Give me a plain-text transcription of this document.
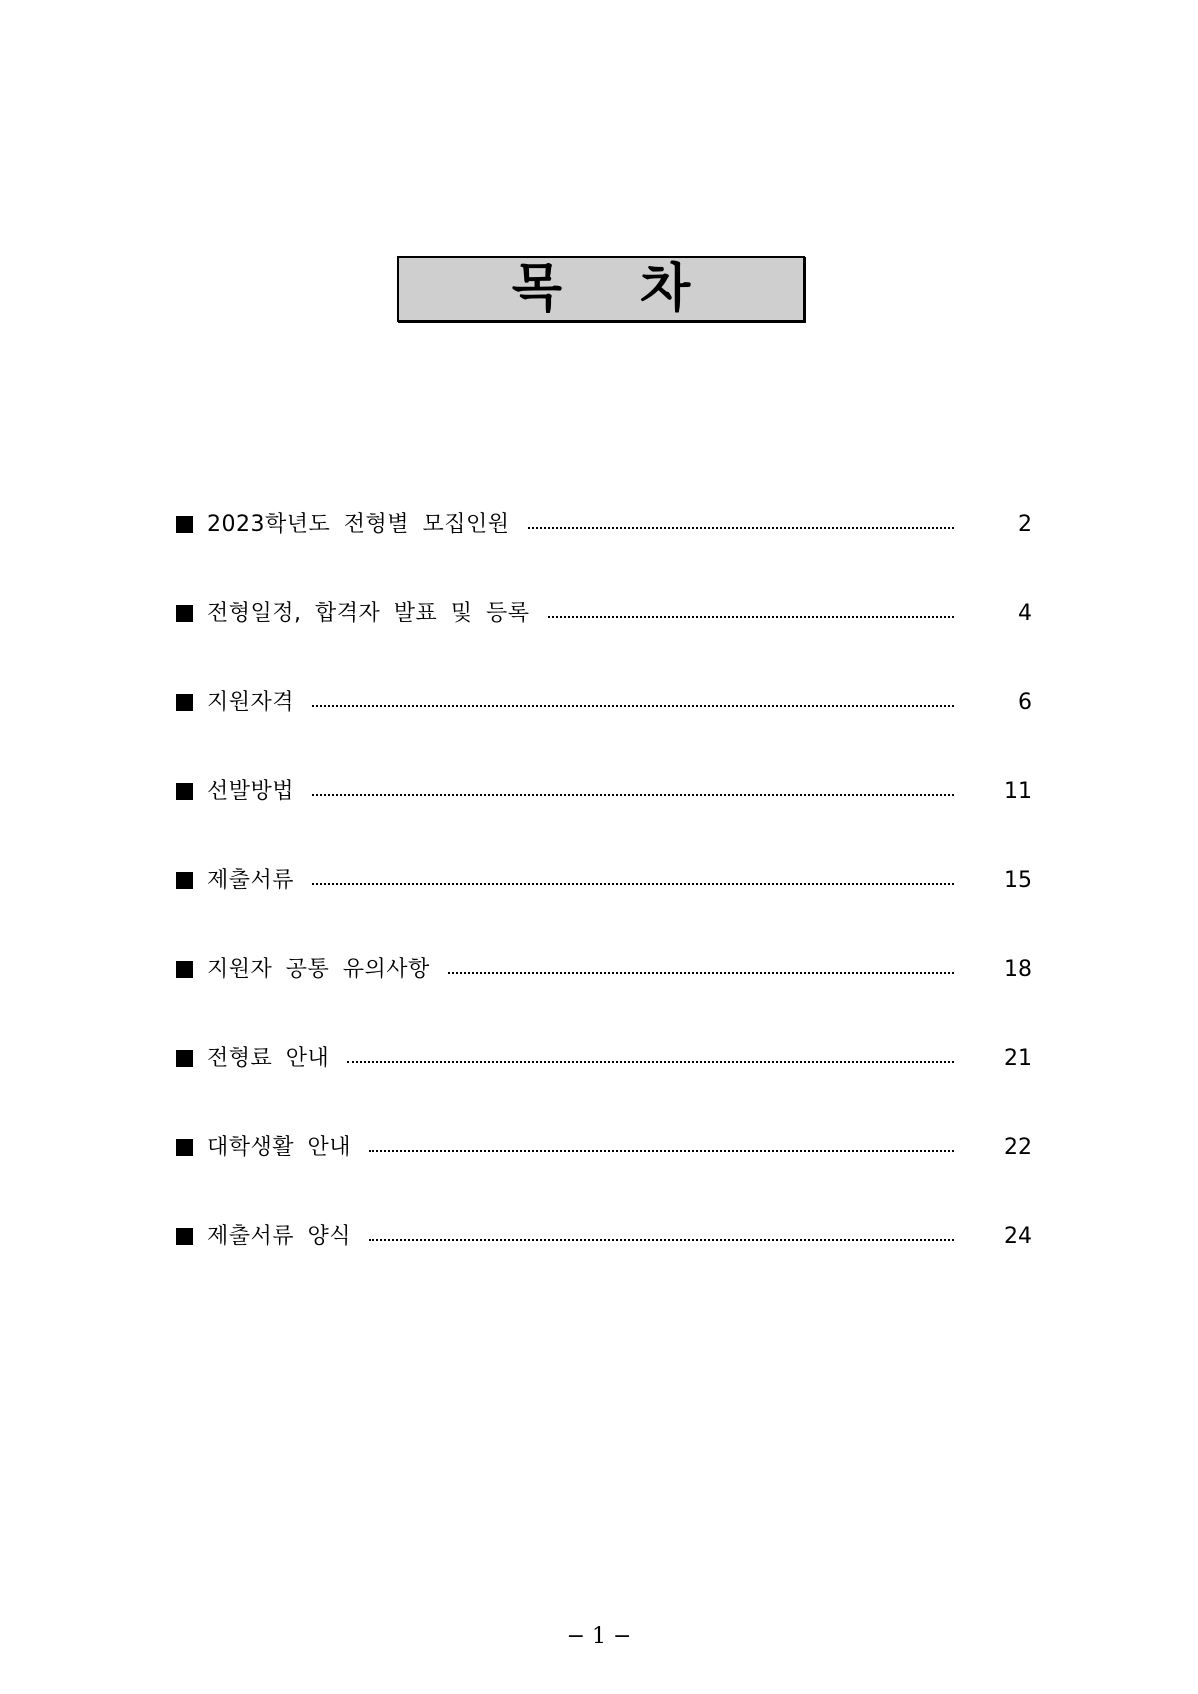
목차
2023학년도 전형별 모집인원	2
전형일정, 합격자 발표 및 등록	4
지원자격	6
선발방법	11
제출서류	15
지원자 공통 유의사항	18
전형료 안내	21
대학생활 안내	22
제출서류 양식	24
− 1 −
